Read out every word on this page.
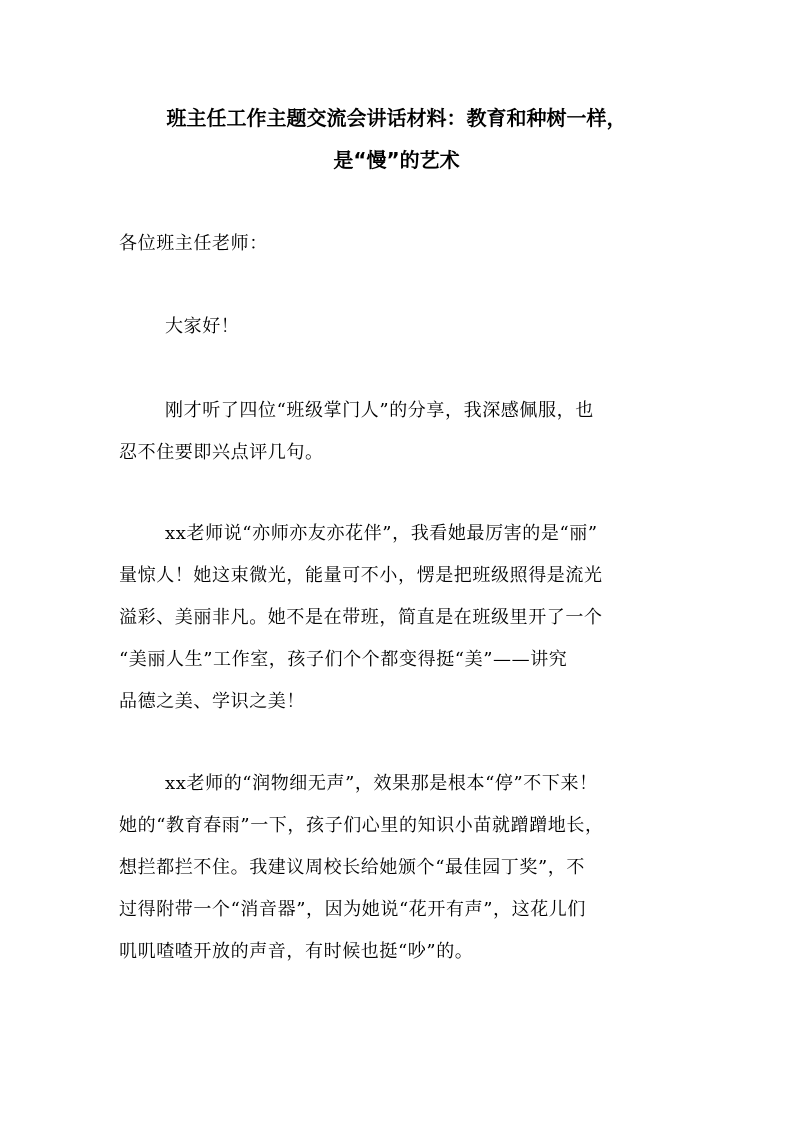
班主任工作主题交流会讲话材料：教育和种树一样，
是“慢”的艺术
各位班主任老师：
大家好！
刚才听了四位“班级掌门人”的分享，我深感佩服，也
忍不住要即兴点评几句。
xx老师说“亦师亦友亦花伴”，我看她最厉害的是“丽”
量惊人！她这束微光，能量可不小，愣是把班级照得是流光
溢彩、美丽非凡。她不是在带班，简直是在班级里开了一个
“美丽人生”工作室，孩子们个个都变得挺“美”——讲究
品德之美、学识之美！
xx老师的“润物细无声”，效果那是根本“停”不下来！
她的“教育春雨”一下，孩子们心里的知识小苗就蹭蹭地长，
想拦都拦不住。我建议周校长给她颁个“最佳园丁奖”，不
过得附带一个“消音器”，因为她说“花开有声”，这花儿们
叽叽喳喳开放的声音，有时候也挺“吵”的。
